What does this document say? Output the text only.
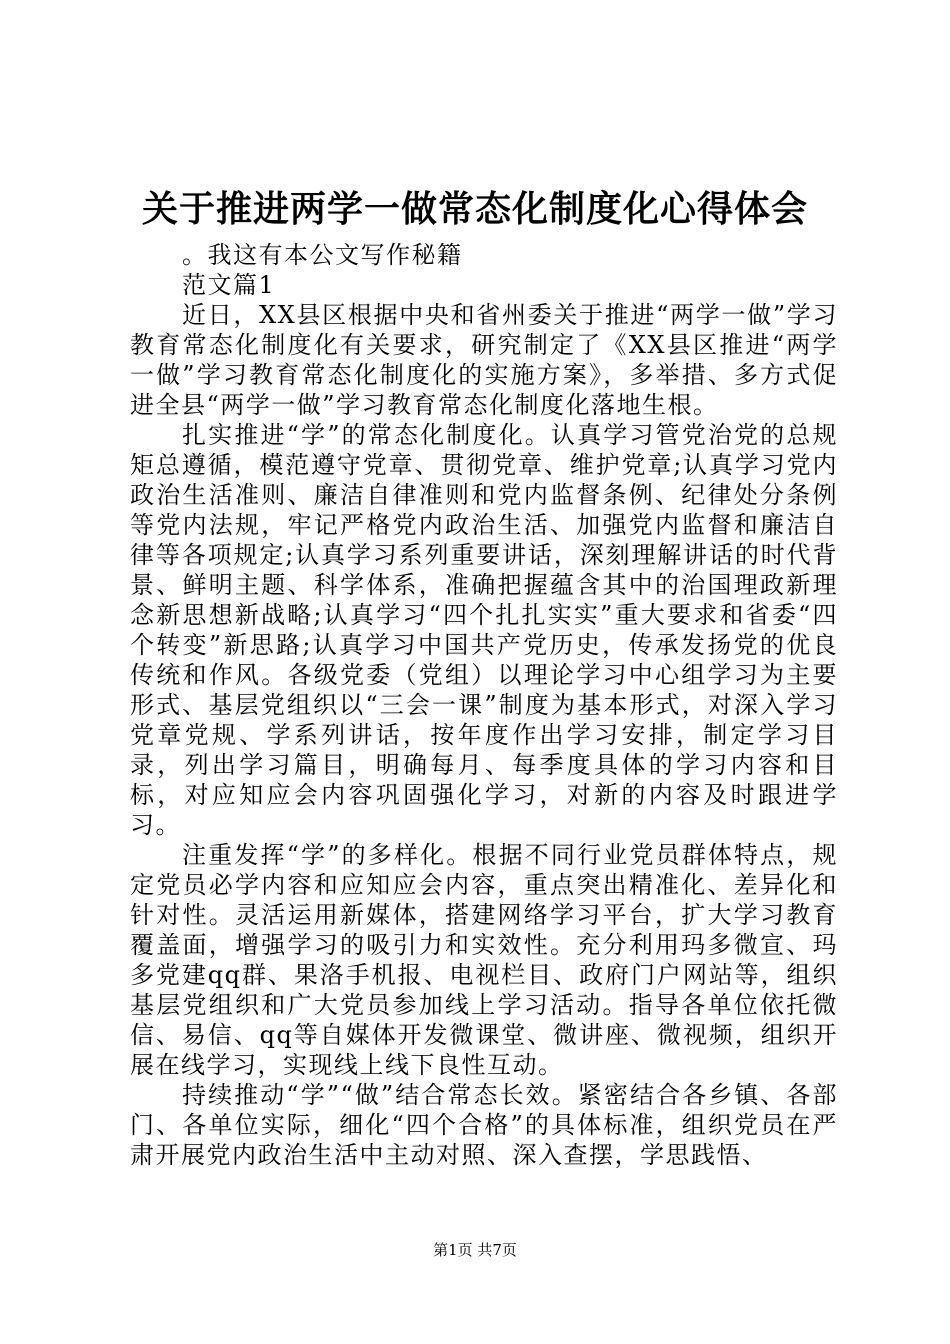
关于推进两学一做常态化制度化心得体会

。我这有本公文写作秘籍

范文篇1

近日，XX县区根据中央和省州委关于推进“两学一做”学习教育常态化制度化有关要求，研究制定了《XX县区推进“两学一做”学习教育常态化制度化的实施方案》，多举措、多方式促进全县“两学一做”学习教育常态化制度化落地生根。

扎实推进“学”的常态化制度化。认真学习管党治党的总规矩总遵循，模范遵守党章、贯彻党章、维护党章;认真学习党内政治生活准则、廉洁自律准则和党内监督条例、纪律处分条例等党内法规，牢记严格党内政治生活、加强党内监督和廉洁自律等各项规定;认真学习系列重要讲话，深刻理解讲话的时代背景、鲜明主题、科学体系，准确把握蕴含其中的治国理政新理念新思想新战略;认真学习“四个扎扎实实”重大要求和省委“四个转变”新思路;认真学习中国共产党历史，传承发扬党的优良传统和作风。各级党委（党组）以理论学习中心组学习为主要形式、基层党组织以“三会一课”制度为基本形式，对深入学习党章党规、学系列讲话，按年度作出学习安排，制定学习目录，列出学习篇目，明确每月、每季度具体的学习内容和目标，对应知应会内容巩固强化学习，对新的内容及时跟进学习。

注重发挥“学”的多样化。根据不同行业党员群体特点，规定党员必学内容和应知应会内容，重点突出精准化、差异化和针对性。灵活运用新媒体，搭建网络学习平台，扩大学习教育覆盖面，增强学习的吸引力和实效性。充分利用玛多微宣、玛多党建qq群、果洛手机报、电视栏目、政府门户网站等，组织基层党组织和广大党员参加线上学习活动。指导各单位依托微信、易信、qq等自媒体开发微课堂、微讲座、微视频，组织开展在线学习，实现线上线下良性互动。

持续推动“学”“做”结合常态长效。紧密结合各乡镇、各部门、各单位实际，细化“四个合格”的具体标准，组织党员在严肃开展党内政治生活中主动对照、深入查摆，学思践悟、

第1页 共7页
